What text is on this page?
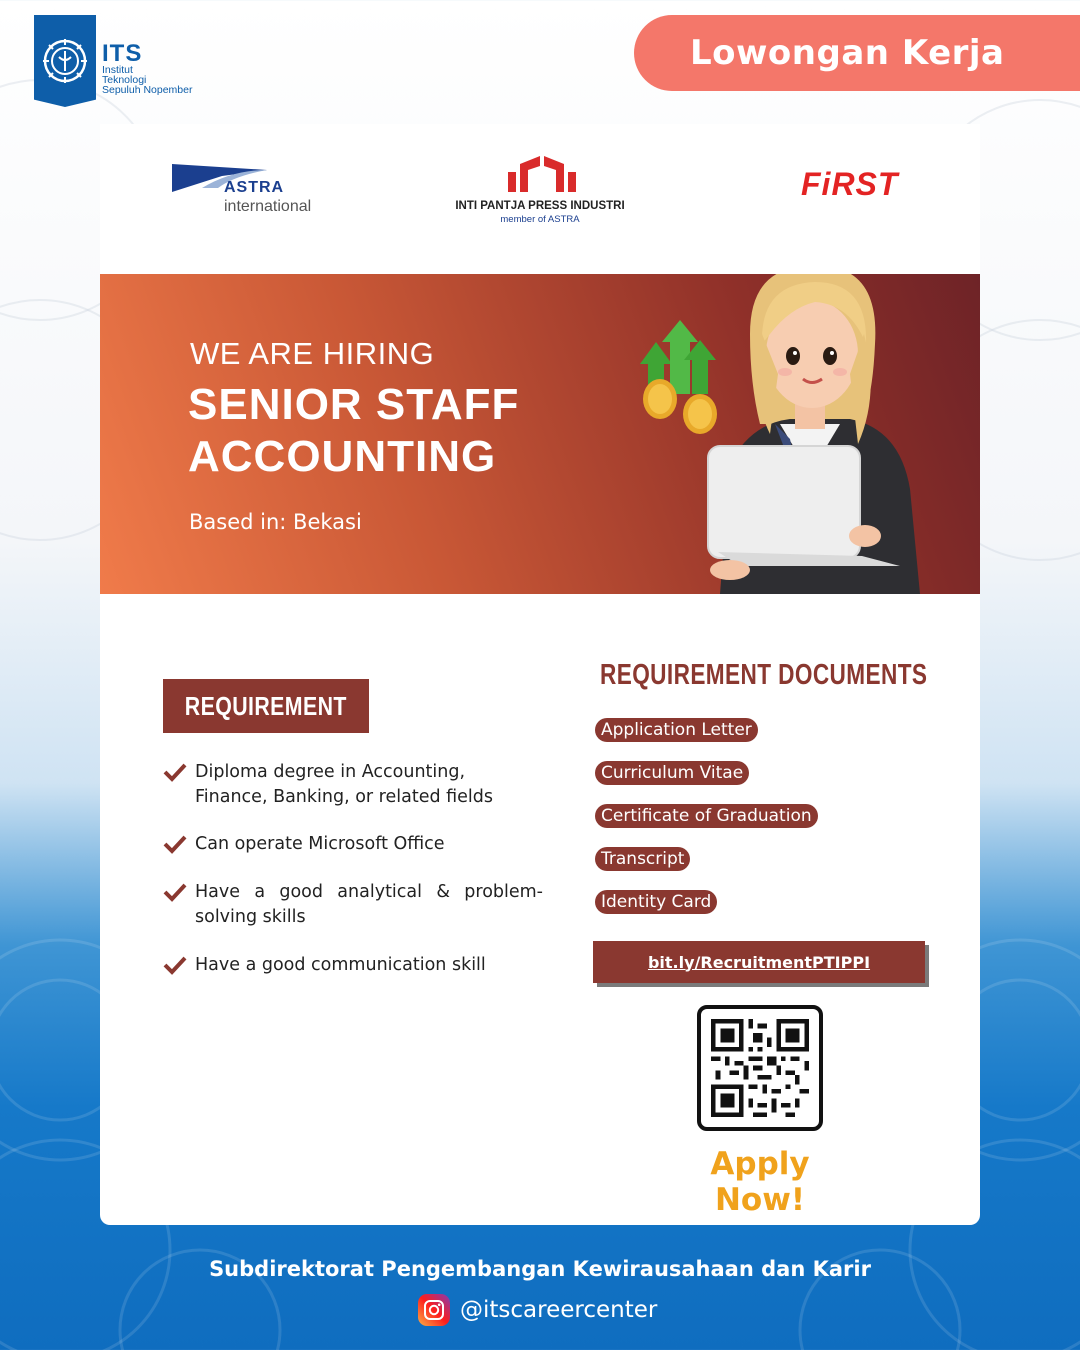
ITS
Institut
Teknologi
Sepuluh Nopember
Lowongan Kerja
ASTRA
international	INTI PANTJA PRESS INDUSTRI
member of ASTRA
FiRST
WE ARE HIRING
SENIOR STAFF
ACCOUNTING
Based in: Bekasi
REQUIREMENT
Diploma degree in Accounting, Finance, Banking, or related fields
Can operate Microsoft Office
Have a good analytical & problem-solving skills
Have a good communication skill
REQUIREMENT DOCUMENTS
Application Letter
Curriculum Vitae
Certificate of Graduation
Transcript
Identity Card
bit.ly/RecruitmentPTIPPI
Apply Now!
Subdirektorat Pengembangan Kewirausahaan dan Karir
@itscareercenter
